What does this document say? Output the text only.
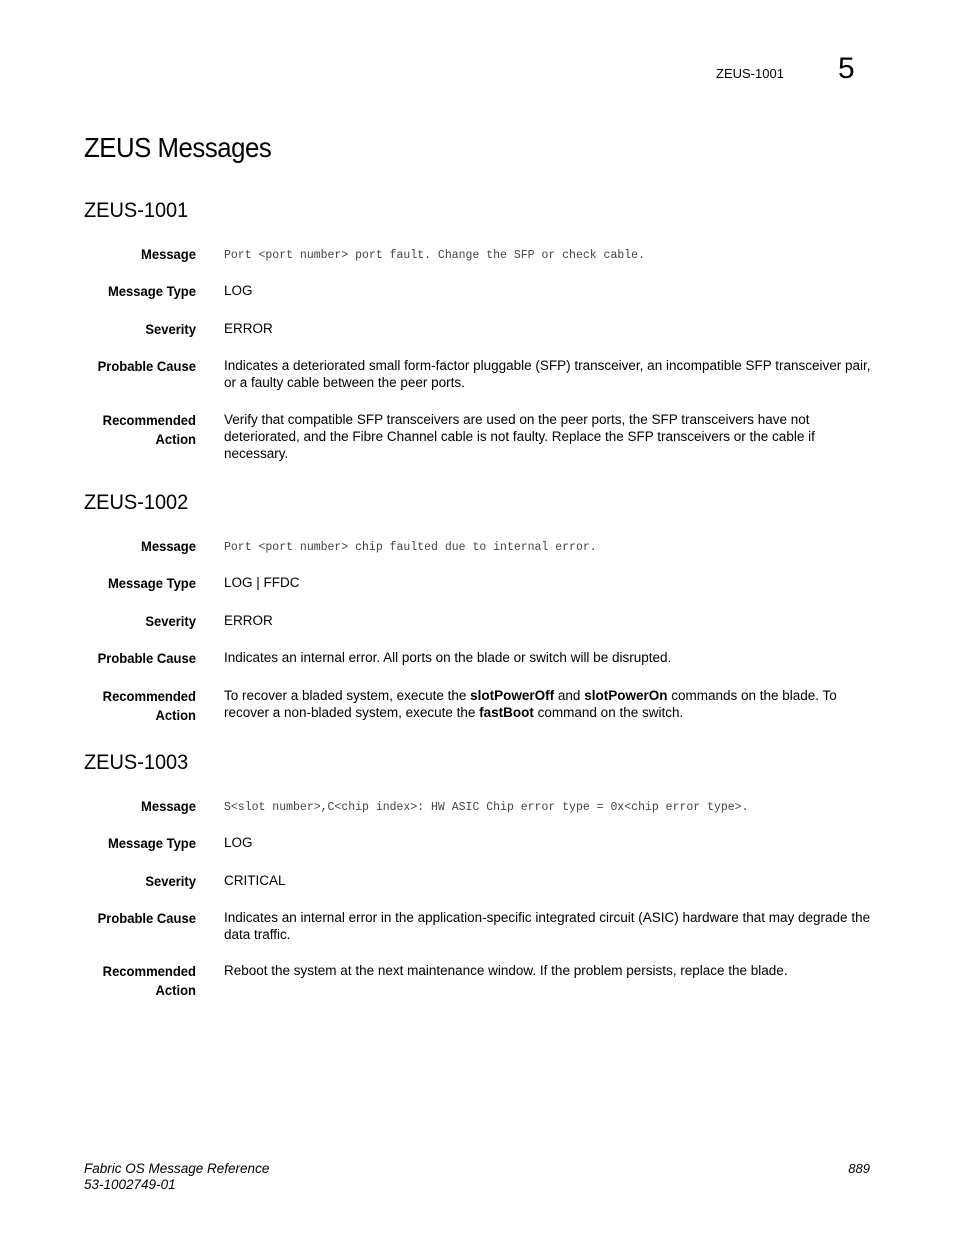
ZEUS-1001 5
ZEUS Messages
ZEUS-1001
Message Port <port number> port fault. Change the SFP or check cable.
Message Type LOG
Severity ERROR
Probable Cause Indicates a deteriorated small form-factor pluggable (SFP) transceiver, an incompatible SFP transceiver pair, or a faulty cable between the peer ports.
Recommended
Action
Verify that compatible SFP transceivers are used on the peer ports, the SFP transceivers have not deteriorated, and the Fibre Channel cable is not faulty. Replace the SFP transceivers or the cable if necessary.
ZEUS-1002
Message Port <port number> chip faulted due to internal error.
Message Type LOG | FFDC
Severity ERROR
Probable Cause Indicates an internal error. All ports on the blade or switch will be disrupted.
Recommended
Action
To recover a bladed system, execute the slotPowerOff and slotPowerOn commands on the blade. To recover a non-bladed system, execute the fastBoot command on the switch.
ZEUS-1003
Message S<slot number>,C<chip index>: HW ASIC Chip error type = 0x<chip error type>.
Message Type LOG
Severity CRITICAL
Probable Cause Indicates an internal error in the application-specific integrated circuit (ASIC) hardware that may degrade the data traffic.
Recommended
Action
Reboot the system at the next maintenance window. If the problem persists, replace the blade.
Fabric OS Message Reference
53-1002749-01
889
